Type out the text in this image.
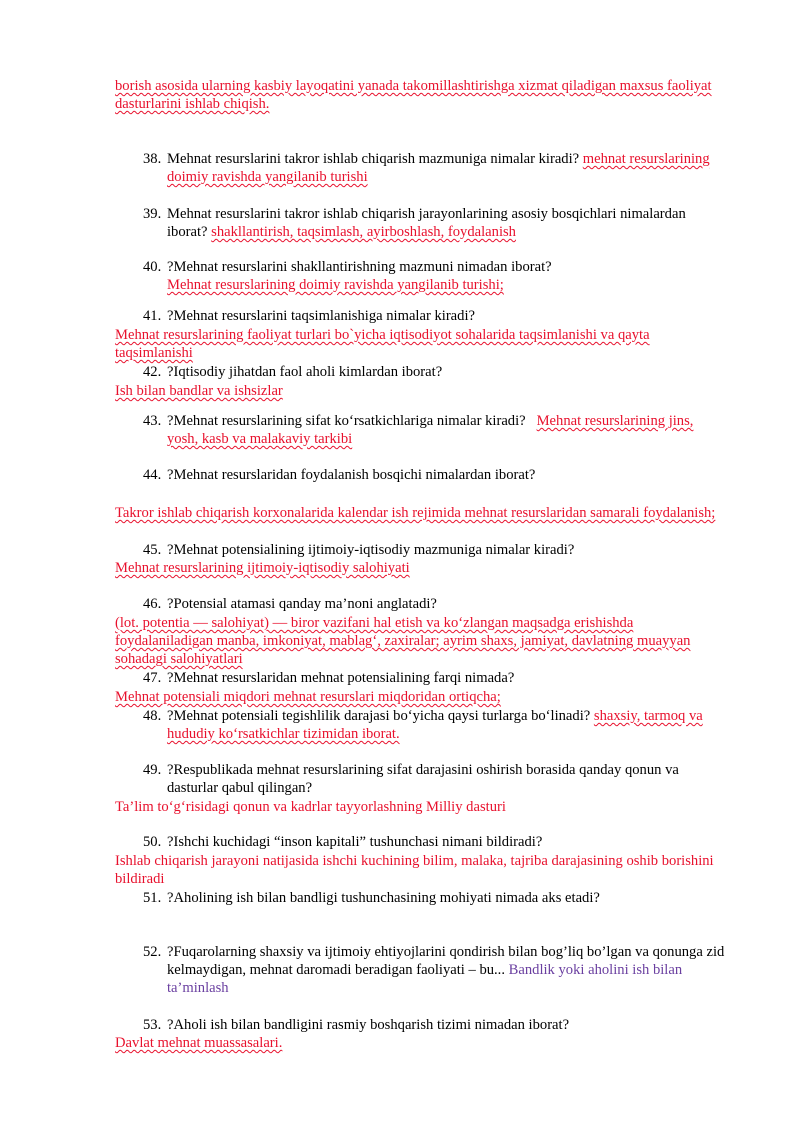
borish asosida ularning kasbiy layoqatini yanada takomillashtirishga xizmat qiladigan maxsus faoliyat dasturlarini ishlab chiqish.

38. Mehnat resurslarini takror ishlab chiqarish mazmuniga nimalar kiradi? mehnat resurslarining doimiy ravishda yangilanib turishi

39. Mehnat resurslarini takror ishlab chiqarish jarayonlarining asosiy bosqichlari nimalardan iborat? shakllantirish, taqsimlash, ayirboshlash, foydalanish

40. ?Mehnat resurslarini shakllantirishning mazmuni nimadan iborat?
Mehnat resurslarining doimiy ravishda yangilanib turishi;

41. ?Mehnat resurslarini taqsimlanishiga nimalar kiradi?

Mehnat resurslarining faoliyat turlari bo`yicha iqtisodiyot sohalarida taqsimlanishi va qayta taqsimlanishi

42. ?Iqtisodiy jihatdan faol aholi kimlardan iborat?

Ish bilan bandlar va ishsizlar

43. ?Mehnat resurslarining sifat ko‘rsatkichlariga nimalar kiradi?   Mehnat resurslarining jins, yosh, kasb va malakaviy tarkibi

44. ?Mehnat resurslaridan foydalanish bosqichi nimalardan iborat?

Takror ishlab chiqarish korxonalarida kalendar ish rejimida mehnat resurslaridan samarali foydalanish;

45. ?Mehnat potensialining ijtimoiy-iqtisodiy mazmuniga nimalar kiradi?

Mehnat resurslarining ijtimoiy-iqtisodiy salohiyati

46. ?Potensial atamasi qanday ma’noni anglatadi?

(lot. potentia — salohiyat) — biror vazifani hal etish va ko‘zlangan maqsadga erishishda foydalaniladigan manba, imkoniyat, mablag‘, zaxiralar; ayrim shaxs, jamiyat, davlatning muayyan sohadagi salohiyatlari

47. ?Mehnat resurslaridan mehnat potensialining farqi nimada?

Mehnat potensiali miqdori mehnat resurslari miqdoridan ortiqcha;

48. ?Mehnat potensiali tegishlilik darajasi bo‘yicha qaysi turlarga bo‘linadi? shaxsiy, tarmoq va hududiy ko‘rsatkichlar tizimidan iborat.

49. ?Respublikada mehnat resurslarining sifat darajasini oshirish borasida qanday qonun va dasturlar qabul qilingan?

Ta’lim to‘g‘risidagi qonun va kadrlar tayyorlashning Milliy dasturi

50. ?Ishchi kuchidagi “inson kapitali” tushunchasi nimani bildiradi?

Ishlab chiqarish jarayoni natijasida ishchi kuchining bilim, malaka, tajriba darajasining oshib borishini bildiradi

51. ?Aholining ish bilan bandligi tushunchasining mohiyati nimada aks etadi?
52. ?Fuqarolarning shaxsiy va ijtimoiy ehtiyojlarini qondirish bilan bog’liq bo’lgan va qonunga zid kelmaydigan, mehnat daromadi beradigan faoliyati – bu... Bandlik yoki aholini ish bilan ta’minlash

53. ?Aholi ish bilan bandligini rasmiy boshqarish tizimi nimadan iborat?

Davlat mehnat muassasalari.
